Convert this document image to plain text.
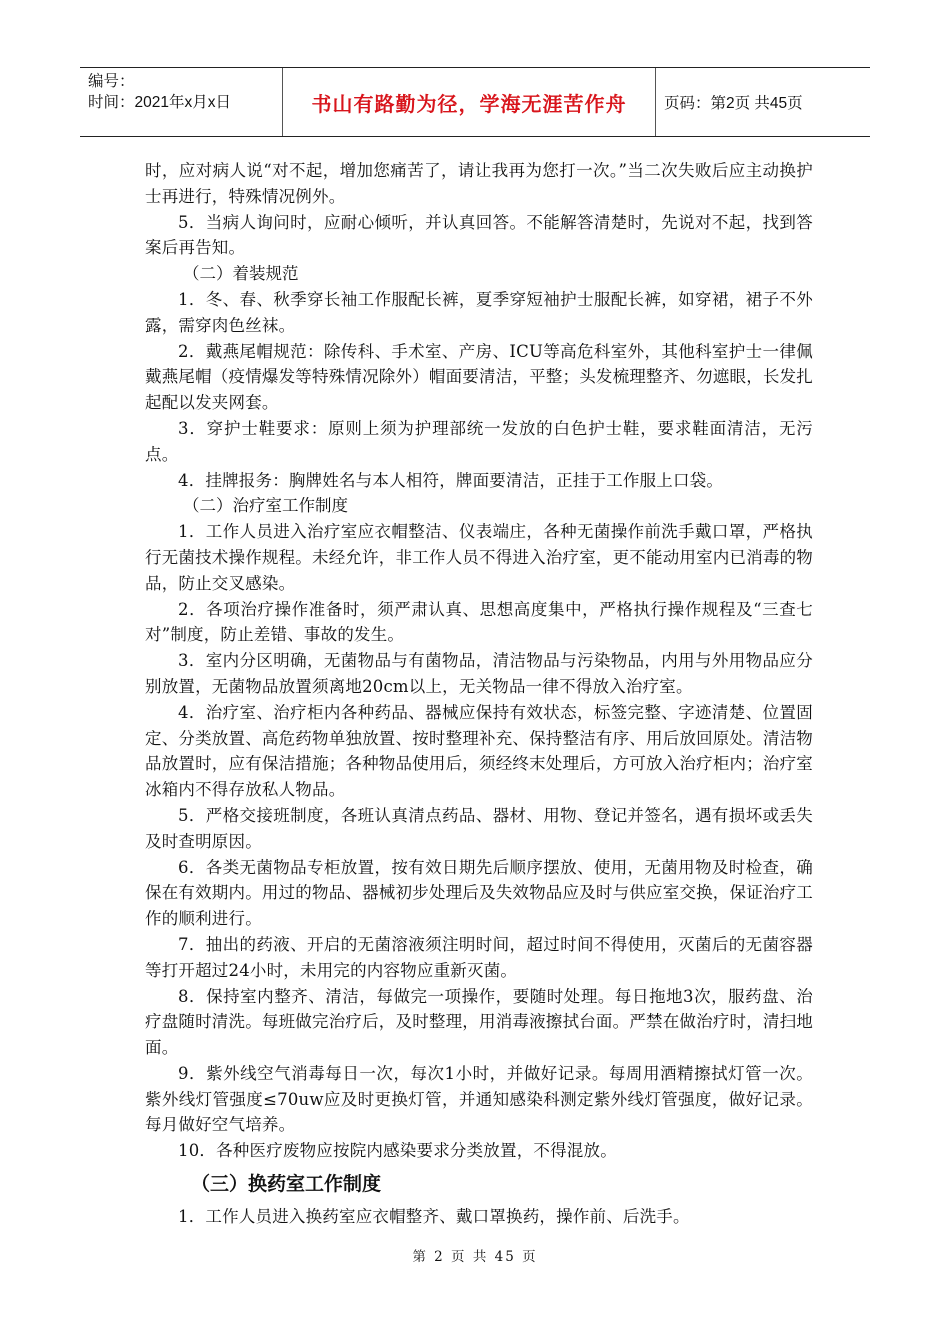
编号：
时间：2021年x月x日	书山有路勤为径，学海无涯苦作舟 页码：第2页 共45页

时，应对病人说“对不起，增加您痛苦了，请让我再为您打一次。”当二次失败后应主动换护士再进行，特殊情况例外。

5．当病人询问时，应耐心倾听，并认真回答。不能解答清楚时，先说对不起，找到答案后再告知。

（二）着装规范

1．冬、春、秋季穿长袖工作服配长裤，夏季穿短袖护士服配长裤，如穿裙，裙子不外露，需穿肉色丝袜。

2．戴燕尾帽规范：除传科、手术室、产房、ICU等高危科室外，其他科室护士一律佩戴燕尾帽（疫情爆发等特殊情况除外）帽面要清洁，平整；头发梳理整齐、勿遮眼，长发扎起配以发夹网套。

3．穿护士鞋要求：原则上须为护理部统一发放的白色护士鞋，要求鞋面清洁，无污点。

4．挂牌报务：胸牌姓名与本人相符，牌面要清洁，正挂于工作服上口袋。

（二）治疗室工作制度

1．工作人员进入治疗室应衣帽整洁、仪表端庄，各种无菌操作前洗手戴口罩，严格执行无菌技术操作规程。未经允许，非工作人员不得进入治疗室，更不能动用室内已消毒的物品，防止交叉感染。

2．各项治疗操作准备时，须严肃认真、思想高度集中，严格执行操作规程及“三查七对”制度，防止差错、事故的发生。

3．室内分区明确，无菌物品与有菌物品，清洁物品与污染物品，内用与外用物品应分别放置，无菌物品放置须离地20cm以上，无关物品一律不得放入治疗室。

4．治疗室、治疗柜内各种药品、器械应保持有效状态，标签完整、字迹清楚、位置固定、分类放置、高危药物单独放置、按时整理补充、保持整洁有序、用后放回原处。清洁物品放置时，应有保洁措施；各种物品使用后，须经终末处理后，方可放入治疗柜内；治疗室冰箱内不得存放私人物品。

5．严格交接班制度，各班认真清点药品、器材、用物、登记并签名，遇有损坏或丢失及时查明原因。

6．各类无菌物品专柜放置，按有效日期先后顺序摆放、使用，无菌用物及时检查，确保在有效期内。用过的物品、器械初步处理后及失效物品应及时与供应室交换，保证治疗工作的顺利进行。

7．抽出的药液、开启的无菌溶液须注明时间，超过时间不得使用，灭菌后的无菌容器等打开超过24小时，未用完的内容物应重新灭菌。

8．保持室内整齐、清洁，每做完一项操作，要随时处理。每日拖地3次，服药盘、治疗盘随时清洗。每班做完治疗后，及时整理，用消毒液擦拭台面。严禁在做治疗时，清扫地面。

9．紫外线空气消毒每日一次，每次1小时，并做好记录。每周用酒精擦拭灯管一次。紫外线灯管强度≤70uw应及时更换灯管，并通知感染科测定紫外线灯管强度，做好记录。每月做好空气培养。

10．各种医疗废物应按院内感染要求分类放置，不得混放。

（三）换药室工作制度

1．工作人员进入换药室应衣帽整齐、戴口罩换药，操作前、后洗手。

第 2 页 共 45 页
